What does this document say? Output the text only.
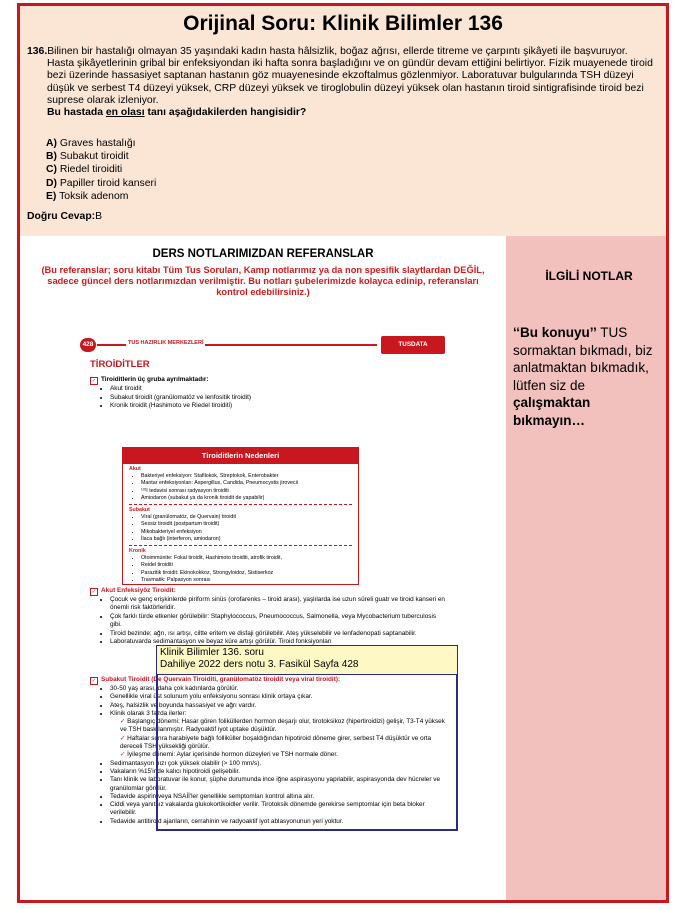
Orijinal Soru: Klinik Bilimler 136

136.Bilinen bir hastalığı olmayan 35 yaşındaki kadın hasta hâlsizlik, boğaz ağrısı, ellerde titreme ve çarpıntı şikâyeti ile başvuruyor. Hasta şikâyetlerinin gribal bir enfeksiyondan iki hafta sonra başladığını ve on gündür devam ettiğini belirtiyor. Fizik muayenede tiroid bezi üzerinde hassasiyet saptanan hastanın göz muayenesinde ekzoftalmus gözlenmiyor. Laboratuvar bulgularında TSH düzeyi düşük ve serbest T4 düzeyi yüksek, CRP düzeyi yüksek ve tiroglobulin düzeyi yüksek olan hastanın tiroid sintigrafisinde tiroid bezi suprese olarak izleniyor.
Bu hastada en olası tanı aşağıdakilerden hangisidir?

A) Graves hastalığı
B) Subakut tiroidit
C) Riedel tiroiditi
D) Papiller tiroid kanseri
E) Toksik adenom
Doğru Cevap:B
DERS NOTLARIMIZDAN REFERANSLAR
(Bu referanslar; soru kitabı Tüm Tus Soruları, Kamp notlarımız ya da non spesifik slaytlardan DEĞİL, sadece güncel ders notlarımızdan verilmiştir. Bu notları şubelerimizde kolayca edinip, referansları kontrol edebilirsiniz.)
428	TUS HAZIRLIK MERKEZLERİ	TUSDATA
TİROİDİTLER
✓ Tiroiditlerin üç gruba ayrılmaktadır:
• Akut tiroidit
• Subakut tiroidit (granülomatöz ve lenfositik tiroidit)
• Kronik tiroidit (Hashimoto ve Riedel tiroiditi)
Tiroiditlerin Nedenleri
Akut
• Bakteriyel enfeksiyon: Stafilokok, Streptokok, Enterobakter
• Mantar enfeksiyonları: Aspergillus, Candida, Pneumocystis jirovecii
• ¹³¹I tedavisi sonrası radyasyon tiroiditi
• Amiodaron (subakut ya da kronik tiroidit de yapabilir)
Subakut
• Viral (granülomatöz, de Quervain) tiroidit
• Sessiz tiroidit (postpartum tiroidit)
• Mikobakteriyel enfeksiyon
• İlaca bağlı (interferon, amiodaron)
Kronik
• Otoimmünite: Fokal tiroidit, Hashimoto tiroiditi, atrofik tiroidit,
• Reidel tiroiditi
• Parazitik tiroidit: Ekinokokkoz, Strongyloidoz, Sistiserkoz
• Travmatik: Palpasyon sonrası
✓ Akut Enfeksiyöz Tiroidit:
• Çocuk ve genç erişkinlerde piriform sinüs (orofarenks – tiroid arası), yaşlılarda ise uzun süreli guatr ve tiroid kanseri en önemli risk faktörleridir.
• Çok farklı türde etkenler görülebilir: Staphylococcus, Pneumococcus, Salmonella, veya Mycobacterium tuberculosis gibi.
• Tiroid bezinde; ağrı, ısı artışı, ciltte eritem ve disfaji görülebilir. Ateş yükselebilir ve lenfadenopati saptanabilir.
• Laboratuvarda sedimantasyon ve beyaz küre artışı görülür. Tiroid fonksiyonları
✓ Subakut Tiroidit (De Quervain Tiroiditi, granülomatöz tiroidit veya viral tiroidit):
• 30-50 yaş arası, daha çok kadınlarda görülür.
• Genellikle viral üst solunum yolu enfeksiyonu sonrası klinik ortaya çıkar.
• Ateş, halsizlik ve boyunda hassasiyet ve ağrı vardır.
• Klinik olarak 3 fazda ilerler:
✓ Başlangıç dönemi: Hasar gören foliküllerden hormon deşarjı olur, tirotoksikoz (hipertiroidizi) gelişir, T3-T4 yüksek ve TSH baskılanmıştır. Radyoaktif iyot uptake düşüktür.
✓ Haftalar sonra harabiyete bağlı folliküller boşaldığından hipotiroid döneme girer, serbest T4 düşüktür ve orta dereceli TSH yüksekliği görülür.
✓ İyileşme dönemi: Aylar içerisinde hormon düzeyleri ve TSH normale döner.
• Sedimantasyon hızı çok yüksek olabilir (> 100 mm/s).
• Vakaların %15'inde kalıcı hipotiroidi gelişebilir.
• Tanı klinik ve laboratuvar ile konur, şüphe durumunda ince iğne aspirasyonu yapılabilir, aspirasyonda dev hücreler ve granülomlar görülür.
• Tedavide aspirin veya NSAİİ'ler genellikle semptomları kontrol altına alır.
• Ciddi veya yanıtsız vakalarda glukokortikoidler verilir. Tirotoksik dönemde gerekirse semptomlar için beta bloker verilebilir.
• Tedavide antitiroid ajanların, cerrahinin ve radyoaktif iyot ablasyonunun yeri yoktur.
Klinik Bilimler 136. soru
Dahiliye 2022 ders notu 3. Fasikül Sayfa 428
İLGİLİ NOTLAR
‘‘Bu konuyu’’ TUS sormaktan bıkmadı, biz anlatmaktan bıkmadık, lütfen siz de çalışmaktan bıkmayın…
